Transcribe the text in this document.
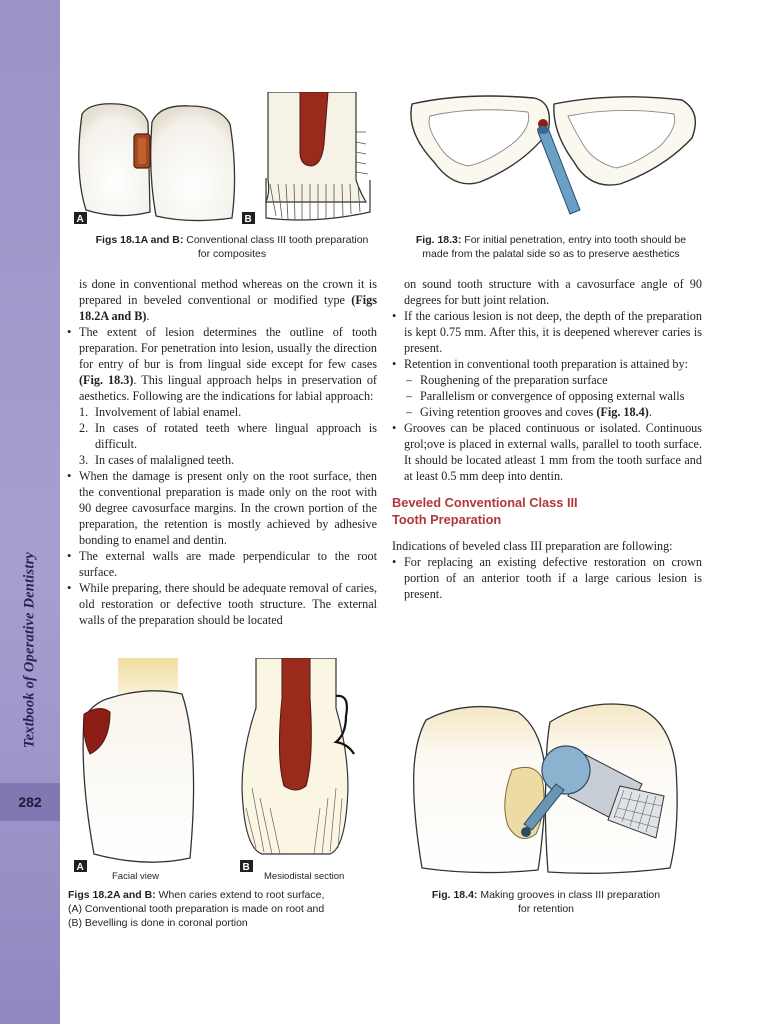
Textbook of Operative Dentistry
282
A	B
Figs 18.1A and B: Conventional class III tooth preparation
for composites
Fig. 18.3: For initial penetration, entry into tooth should be
made from the palatal side so as to preserve aesthetics

is done in conventional method whereas on the crown it is prepared in beveled conventional or modified type (Figs 18.2A and B).

• The extent of lesion determines the outline of tooth preparation. For penetration into lesion, usually the direction for entry of bur is from lingual side except for few cases (Fig. 18.3). This lingual approach helps in preservation of aesthetics. Following are the indications for labial approach:

1. Involvement of labial enamel.

2. In cases of rotated teeth where lingual approach is difficult.

3. In cases of malaligned teeth.

• When the damage is present only on the root surface, then the conventional preparation is made only on the root with 90 degree cavosurface margins. In the crown portion of the preparation, the retention is mostly achieved by adhesive bonding to enamel and dentin.

• The external walls are made perpendicular to the root surface.

• While preparing, there should be adequate removal of caries, old restoration or defective tooth structure. The external walls of the preparation should be located

on sound tooth structure with a cavosurface angle of 90 degrees for butt joint relation.

• If the carious lesion is not deep, the depth of the preparation is kept 0.75 mm. After this, it is deepened wherever caries is present.

• Retention in conventional tooth preparation is attained by:

– Roughening of the preparation surface

– Parallelism or convergence of opposing external walls

– Giving retention grooves and coves (Fig. 18.4).

• Grooves can be placed continuous or isolated. Continuous grol;ove is placed in external walls, parallel to tooth surface. It should be located atleast 1 mm from the tooth surface and at least 0.5 mm deep into dentin.

Beveled Conventional Class III
Tooth Preparation

Indications of beveled class III preparation are following:

• For replacing an existing defective restoration on crown portion of an anterior tooth if a large carious lesion is present.

A
Facial view
B
Mesiodistal section
Figs 18.2A and B: When caries extend to root surface,
(A) Conventional tooth preparation is made on root and
(B) Bevelling is done in coronal portion
Fig. 18.4: Making grooves in class III preparation
for retention
